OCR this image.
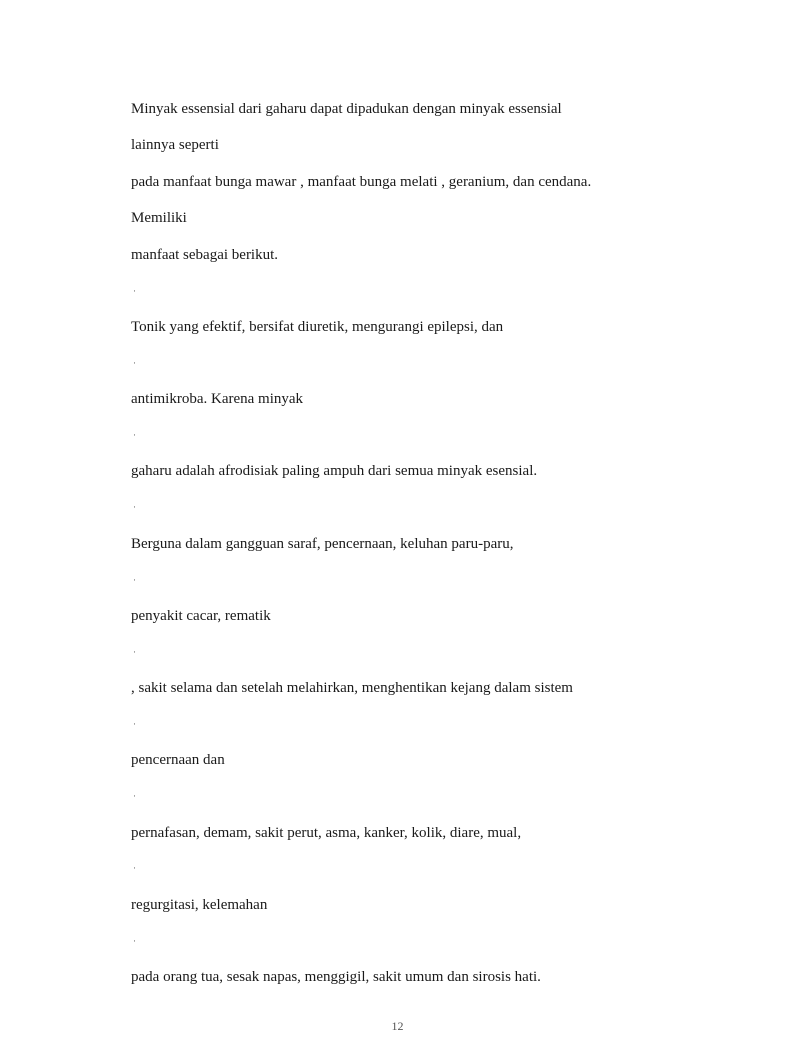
Minyak essensial dari gaharu dapat dipadukan dengan minyak essensial
lainnya seperti
pada manfaat bunga mawar , manfaat bunga melati , geranium, dan cendana.
Memiliki
manfaat sebagai berikut.
·
Tonik yang efektif, bersifat diuretik, mengurangi epilepsi, dan
·
antimikroba. Karena minyak
·
gaharu adalah afrodisiak paling ampuh dari semua minyak esensial.
·
Berguna dalam gangguan saraf, pencernaan, keluhan paru-paru,
·
penyakit cacar, rematik
·
, sakit selama dan setelah melahirkan, menghentikan kejang dalam sistem
·
pencernaan dan
·
pernafasan, demam, sakit perut, asma, kanker, kolik, diare, mual,
·
regurgitasi, kelemahan
·
pada orang tua, sesak napas, menggigil, sakit umum dan sirosis hati.
12
